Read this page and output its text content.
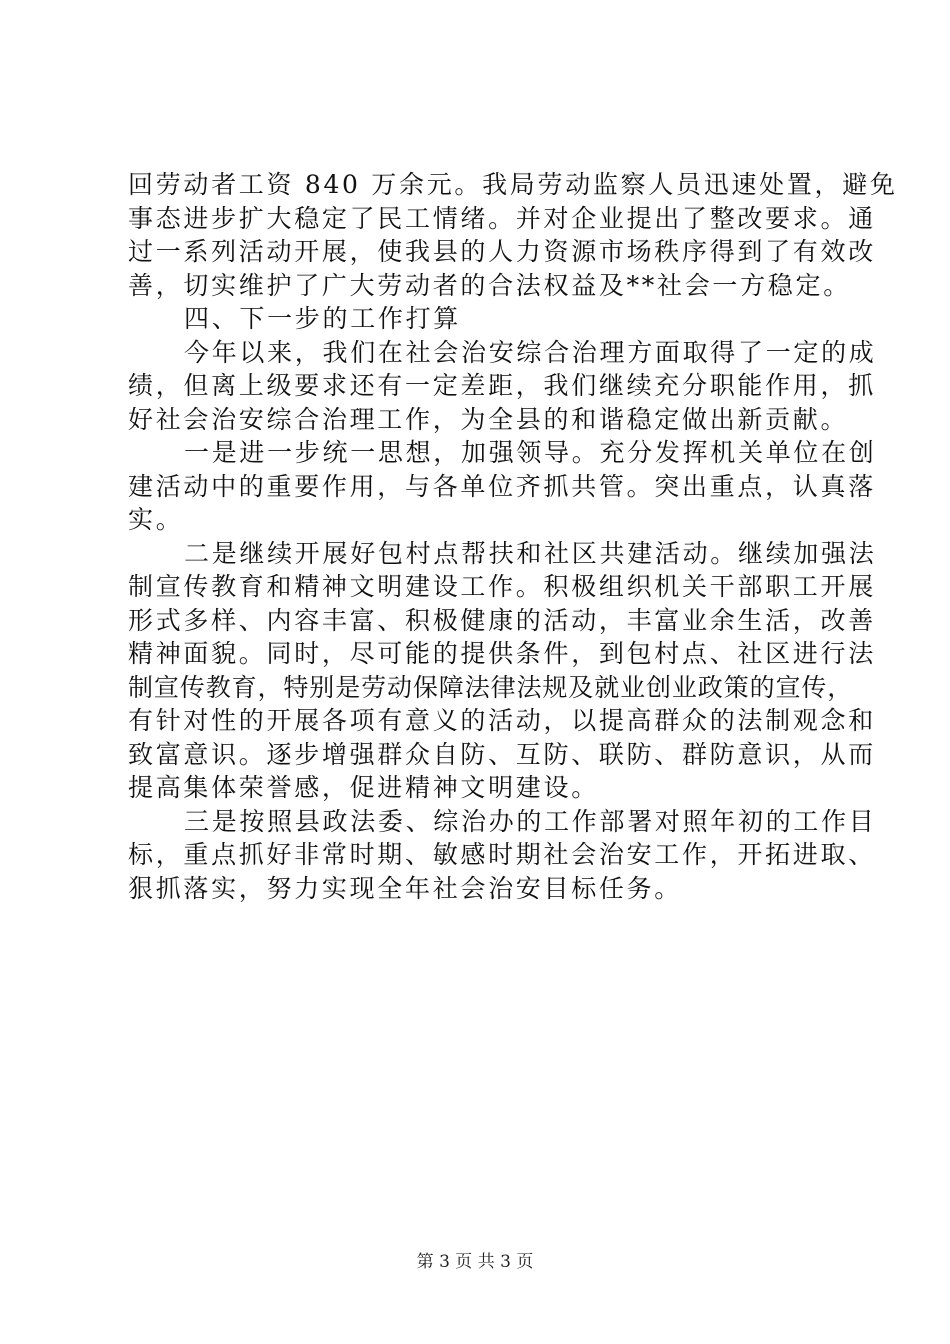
回劳动者工资 840 万余元。我局劳动监察人员迅速处置，避免
事态进步扩大稳定了民工情绪。并对企业提出了整改要求。通
过一系列活动开展，使我县的人力资源市场秩序得到了有效改
善，切实维护了广大劳动者的合法权益及**社会一方稳定。
四、下一步的工作打算
今年以来，我们在社会治安综合治理方面取得了一定的成
绩，但离上级要求还有一定差距，我们继续充分职能作用，抓
好社会治安综合治理工作，为全县的和谐稳定做出新贡献。
一是进一步统一思想，加强领导。充分发挥机关单位在创
建活动中的重要作用，与各单位齐抓共管。突出重点，认真落
实。
二是继续开展好包村点帮扶和社区共建活动。继续加强法
制宣传教育和精神文明建设工作。积极组织机关干部职工开展
形式多样、内容丰富、积极健康的活动，丰富业余生活，改善
精神面貌。同时，尽可能的提供条件，到包村点、社区进行法
制宣传教育，特别是劳动保障法律法规及就业创业政策的宣传，
有针对性的开展各项有意义的活动，以提高群众的法制观念和
致富意识。逐步增强群众自防、互防、联防、群防意识，从而
提高集体荣誉感，促进精神文明建设。
三是按照县政法委、综治办的工作部署对照年初的工作目
标，重点抓好非常时期、敏感时期社会治安工作，开拓进取、
狠抓落实，努力实现全年社会治安目标任务。
第 3 页 共 3 页
